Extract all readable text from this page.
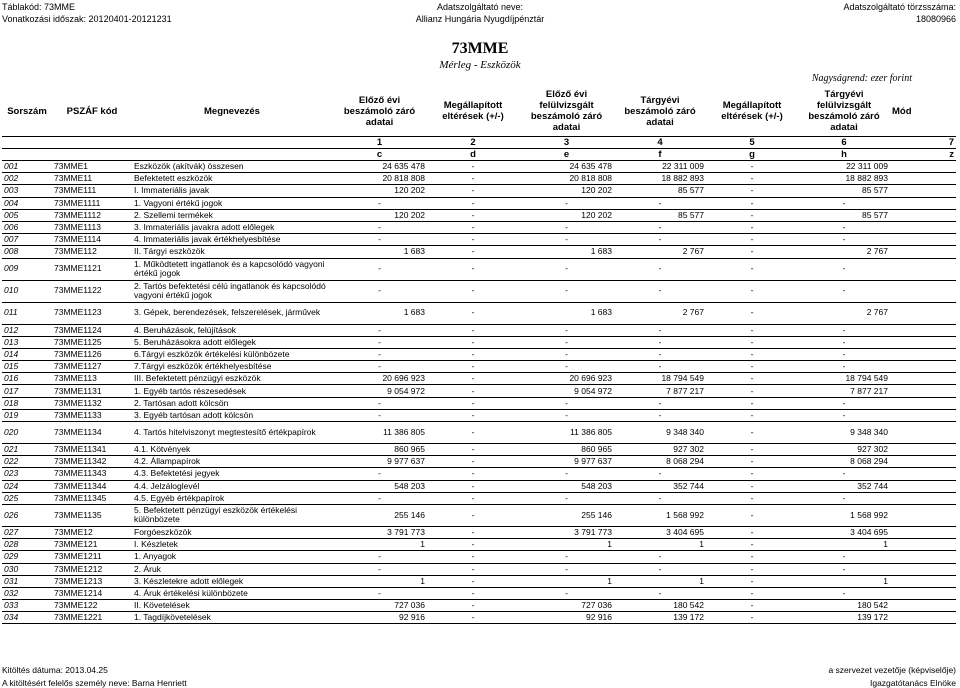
Táblakód: 73MME	Adatszolgáltató neve:	Adatszolgáltató törzsszáma:
Vonatkozási időszak: 20120401-20121231	Allianz Hungária Nyugdíjpénztár	18080966
73MME
Mérleg - Eszközök
Nagyságrend: ezer forint
Sorszám	PSZÁF kód	Megnevezés	Előző évi beszámoló záró adatai	Megállapított eltérések (+/-)	Előző évi felülvizsgált beszámoló záró adatai	Tárgyévi beszámoló záró adatai	Megállapított eltérések (+/-)	Tárgyévi felülvizsgált beszámoló záró adatai	Mód
			1	2	3	4	5	6	7
			c	d	e	f	g	h	z
001	73MME1	Eszközök (akítvák) összesen	24 635 478	-	24 635 478	22 311 009	-	22 311 009	
002	73MME11	Befektetett eszközök	20 818 808	-	20 818 808	18 882 893	-	18 882 893	
003	73MME111	I. Immateriális javak	120 202	-	120 202	85 577	-	85 577	
004	73MME1111	1. Vagyoni értékű jogok	-	-	-	-	-	-	
005	73MME1112	2. Szellemi termékek	120 202	-	120 202	85 577	-	85 577	
006	73MME1113	3. Immateriális javakra adott előlegek	-	-	-	-	-	-	
007	73MME1114	4. Immateriális javak értékhelyesbítése	-	-	-	-	-	-	
008	73MME112	II. Tárgyi eszközök	1 683	-	1 683	2 767	-	2 767	
009	73MME1121	1. Működtetett ingatlanok és a kapcsolódó vagyoni értékű jogok	-	-	-	-	-	-	
010	73MME1122	2. Tartós befektetési célú ingatlanok és kapcsolódó vagyoni értékű jogok	-	-	-	-	-	-	
011	73MME1123	3. Gépek, berendezések, felszerelések, járművek	1 683	-	1 683	2 767	-	2 767	
012	73MME1124	4. Beruházások, felújítások	-	-	-	-	-	-	
013	73MME1125	5. Beruházásokra adott előlegek	-	-	-	-	-	-	
014	73MME1126	6.Tárgyi eszközök értékelési különbözete	-	-	-	-	-	-	
015	73MME1127	7.Tárgyi eszközök értékhelyesbítése	-	-	-	-	-	-	
016	73MME113	III. Befektetett pénzügyi eszközök	20 696 923	-	20 696 923	18 794 549	-	18 794 549	
017	73MME1131	1. Egyéb tartós részesedések	9 054 972	-	9 054 972	7 877 217	-	7 877 217	
018	73MME1132	2. Tartósan adott kölcsön	-	-	-	-	-	-	
019	73MME1133	3. Egyéb tartósan adott kölcsön	-	-	-	-	-	-	
020	73MME1134	4. Tartós hitelviszonyt megtestesítő értékpapírok	11 386 805	-	11 386 805	9 348 340	-	9 348 340	
021	73MME11341	4.1. Kötvények	860 965	-	860 965	927 302	-	927 302	
022	73MME11342	4.2. Állampapírok	9 977 637	-	9 977 637	8 068 294	-	8 068 294	
023	73MME11343	4.3. Befektetési jegyek	-	-	-	-	-	-	
024	73MME11344	4.4. Jelzáloglevél	548 203	-	548 203	352 744	-	352 744	
025	73MME11345	4.5. Egyéb értékpapírok	-	-	-	-	-	-	
026	73MME1135	5. Befektetett pénzügyi eszközök értékelési különbözete	255 146	-	255 146	1 568 992	-	1 568 992	
027	73MME12	Forgóeszközök	3 791 773	-	3 791 773	3 404 695	-	3 404 695	
028	73MME121	I. Készletek	1	-	1	1	-	1	
029	73MME1211	1. Anyagok	-	-	-	-	-	-	
030	73MME1212	2. Áruk	-	-	-	-	-	-	
031	73MME1213	3. Készletekre adott előlegek	1	-	1	1	-	1	
032	73MME1214	4. Áruk értékelési különbözete	-	-	-	-	-	-	
033	73MME122	II. Követelések	727 036	-	727 036	180 542	-	180 542	
034	73MME1221	1. Tagdíjkövetelések	92 916	-	92 916	139 172	-	139 172	
Kitöltés dátuma: 2013.04.25
A kitöltésért felelős személy neve: Barna Henriett
a szervezet vezetője (képviselője)
Igazgatótanács Elnöke
